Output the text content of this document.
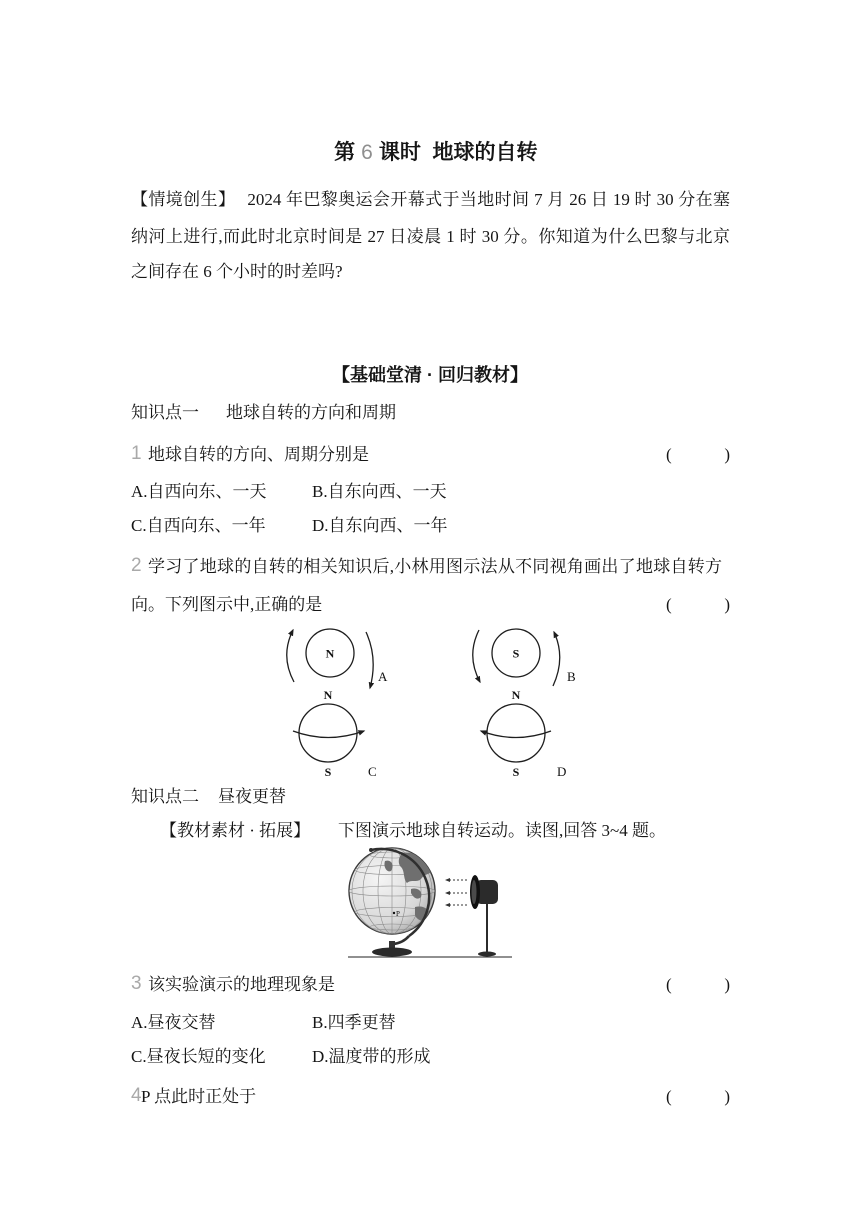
第 6 课时  地球的自转

【情境创生】 2024 年巴黎奥运会开幕式于当地时间 7 月 26 日 19 时 30 分在塞
纳河上进行,而此时北京时间是 27 日凌晨 1 时 30 分。你知道为什么巴黎与北京
之间存在 6 个小时的时差吗?
【基础堂清 · 回归教材】
知识点一 地球自转的方向和周期
1 地球自转的方向、周期分别是	(	)
A.自西向东、一天	B.自东向西、一天
C.自西向东、一年	D.自东向西、一年
2 学习了地球的自转的相关知识后,小林用图示法从不同视角画出了地球自转方
向。下列图示中,正确的是	(	)
N
A
S
B
N
S	C
N
S	D
知识点二 昼夜更替
【教材素材 · 拓展】 下图演示地球自转运动。读图,回答 3~4 题。
P
3 该实验演示的地理现象是	(	)
A.昼夜交替	B.四季更替
C.昼夜长短的变化	D.温度带的形成
4 P 点此时正处于	(	)
